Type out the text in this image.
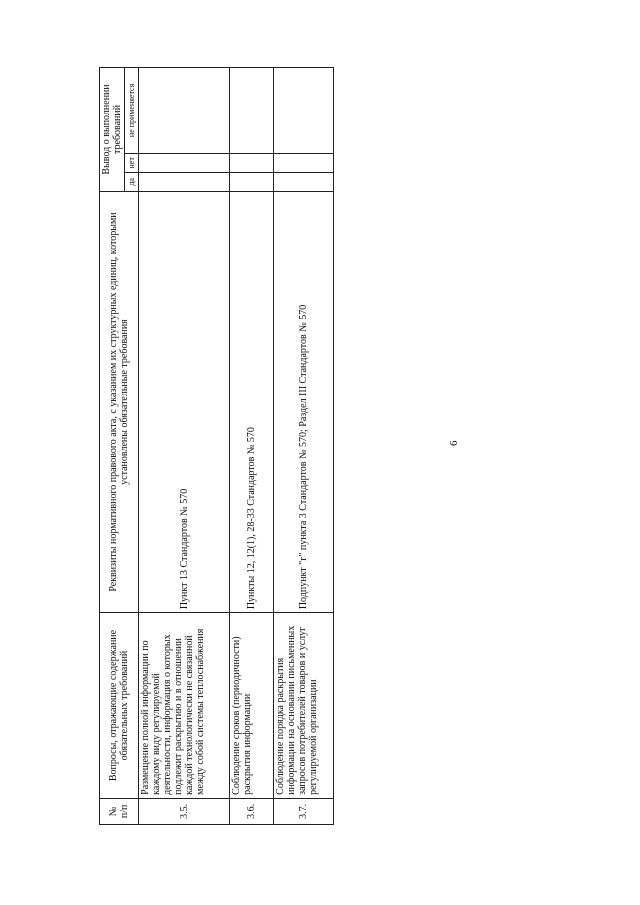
6
№ п/п	Вопросы, отражающие содержание обязательных требований	Реквизиты нормативного правового акта, с указанием их структурных единиц, которыми установлены обязательные требования	Вывод о выполнении требований		
			да	нет	не применяется
3.5.	Размещение полной информации по каждому виду регулируемой деятельности, информация о которых подлежит раскрытию и в отношении каждой технологически не связанной между собой системы теплоснабжения	Пункт 13 Стандартов № 570			
3.6.	Соблюдение сроков (периодичности) раскрытия информации	Пункты 12, 12(1), 28-33 Стандартов № 570			
3.7.	Соблюдение порядка раскрытия информации на основании письменных запросов потребителей товаров и услуг регулируемой организации	Подпункт "г" пункта 3 Стандартов № 570; Раздел III Стандартов № 570			
